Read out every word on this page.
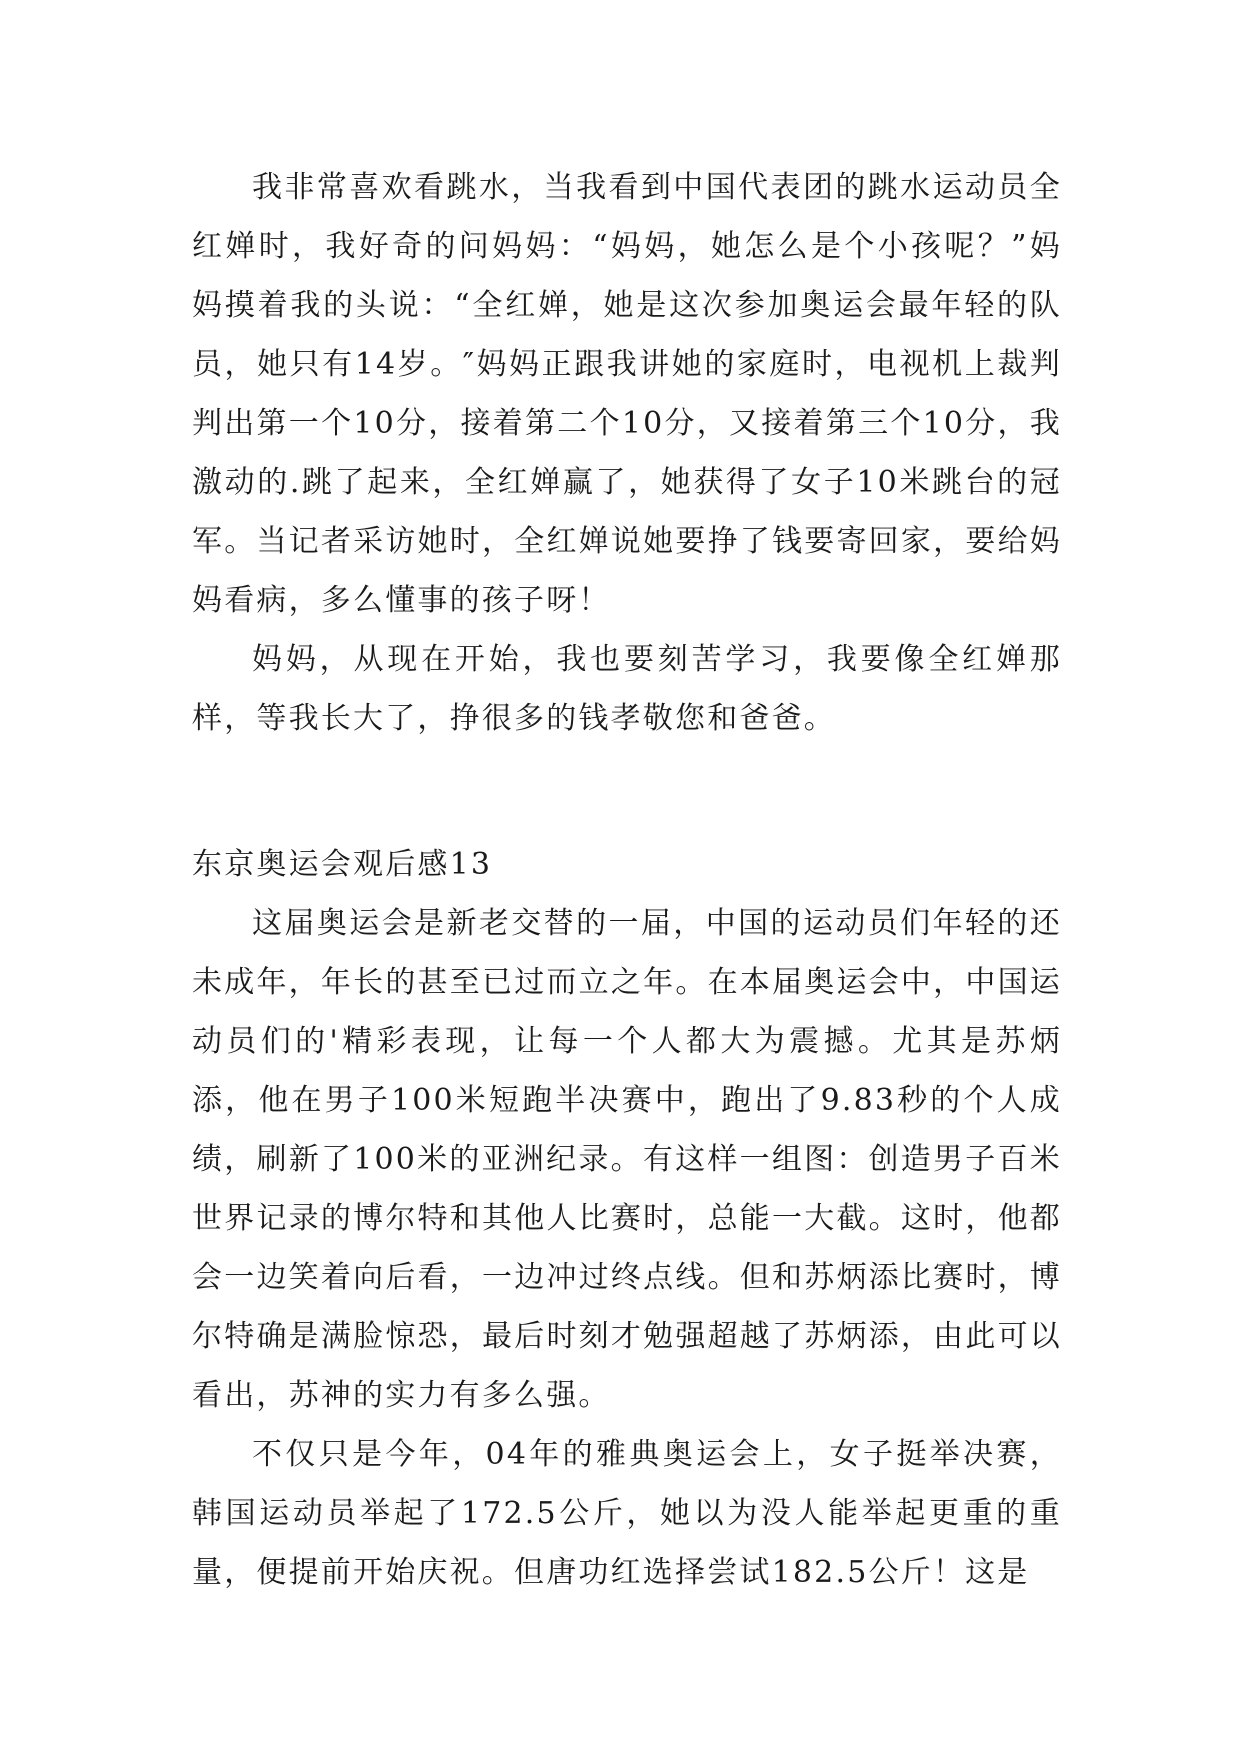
我非常喜欢看跳水，当我看到中国代表团的跳水运动员全红婵时，我好奇的问妈妈：“妈妈，她怎么是个小孩呢？”妈妈摸着我的头说：“全红婵，她是这次参加奥运会最年轻的队员，她只有14岁。″妈妈正跟我讲她的家庭时，电视机上裁判判出第一个10分，接着第二个10分，又接着第三个10分，我激动的.跳了起来，全红婵赢了，她获得了女子10米跳台的冠军。当记者采访她时，全红婵说她要挣了钱要寄回家，要给妈妈看病，多么懂事的孩子呀！

妈妈，从现在开始，我也要刻苦学习，我要像全红婵那样，等我长大了，挣很多的钱孝敬您和爸爸。

东京奥运会观后感13

这届奥运会是新老交替的一届，中国的运动员们年轻的还未成年，年长的甚至已过而立之年。在本届奥运会中，中国运动员们的'精彩表现，让每一个人都大为震撼。尤其是苏炳添，他在男子100米短跑半决赛中，跑出了9.83秒的个人成绩，刷新了100米的亚洲纪录。有这样一组图：创造男子百米世界记录的博尔特和其他人比赛时，总能一大截。这时，他都会一边笑着向后看，一边冲过终点线。但和苏炳添比赛时，博尔特确是满脸惊恐，最后时刻才勉强超越了苏炳添，由此可以看出，苏神的实力有多么强。

不仅只是今年，04年的雅典奥运会上，女子挺举决赛，韩国运动员举起了172.5公斤，她以为没人能举起更重的重量，便提前开始庆祝。但唐功红选择尝试182.5公斤！这是
